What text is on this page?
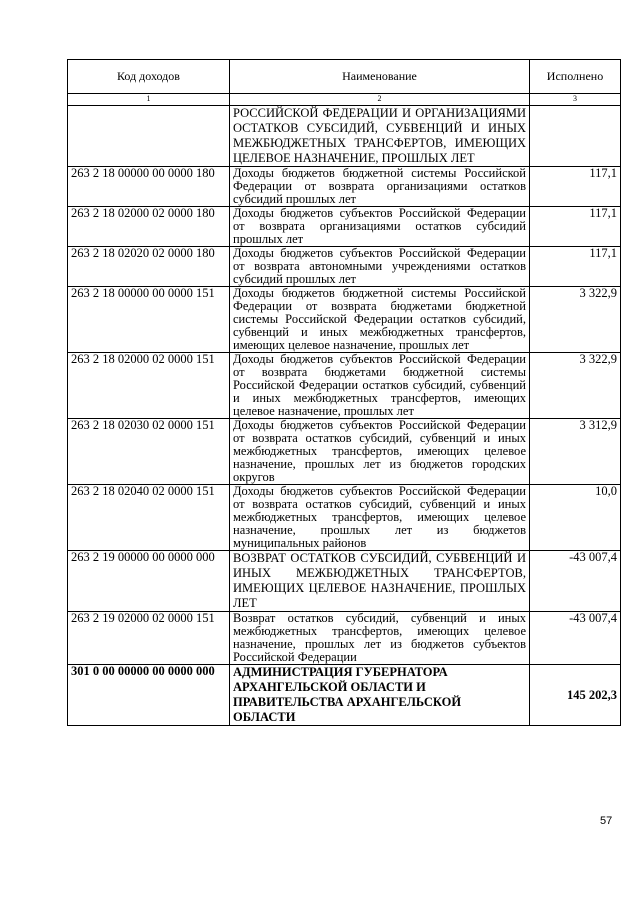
Код доходов	Наименование	Исполнено
1	2	3
	РОССИЙСКОЙ ФЕДЕРАЦИИ И ОРГАНИЗАЦИЯМИ ОСТАТКОВ СУБСИДИЙ, СУБВЕНЦИЙ И ИНЫХ МЕЖБЮДЖЕТНЫХ ТРАНСФЕРТОВ, ИМЕЮЩИХ ЦЕЛЕВОЕ НАЗНАЧЕНИЕ, ПРОШЛЫХ ЛЕТ	
263 2 18 00000 00 0000 180	Доходы бюджетов бюджетной системы Российской Федерации от возврата организациями остатков субсидий прошлых лет	117,1
263 2 18 02000 02 0000 180	Доходы бюджетов субъектов Российской Федерации от возврата организациями остатков субсидий прошлых лет	117,1
263 2 18 02020 02 0000 180	Доходы бюджетов субъектов Российской Федерации от возврата автономными учреждениями остатков субсидий прошлых лет	117,1
263 2 18 00000 00 0000 151	Доходы бюджетов бюджетной системы Российской Федерации от возврата бюджетами бюджетной системы Российской Федерации остатков субсидий, субвенций и иных межбюджетных трансфертов, имеющих целевое назначение, прошлых лет	3 322,9
263 2 18 02000 02 0000 151	Доходы бюджетов субъектов Российской Федерации от возврата бюджетами бюджетной системы Российской Федерации остатков субсидий, субвенций и иных межбюджетных трансфертов, имеющих целевое назначение, прошлых лет	3 322,9
263 2 18 02030 02 0000 151	Доходы бюджетов субъектов Российской Федерации от возврата остатков субсидий, субвенций и иных межбюджетных трансфертов, имеющих целевое назначение, прошлых лет из бюджетов городских округов	3 312,9
263 2 18 02040 02 0000 151	Доходы бюджетов субъектов Российской Федерации от возврата остатков субсидий, субвенций и иных межбюджетных трансфертов, имеющих целевое назначение, прошлых лет из бюджетов муниципальных районов	10,0
263 2 19 00000 00 0000 000	ВОЗВРАТ ОСТАТКОВ СУБСИДИЙ, СУБВЕНЦИЙ И ИНЫХ МЕЖБЮДЖЕТНЫХ ТРАНСФЕРТОВ, ИМЕЮЩИХ ЦЕЛЕВОЕ НАЗНАЧЕНИЕ, ПРОШЛЫХ ЛЕТ	-43 007,4
263 2 19 02000 02 0000 151	Возврат остатков субсидий, субвенций и иных межбюджетных трансфертов, имеющих целевое назначение, прошлых лет из бюджетов субъектов Российской Федерации	-43 007,4
301 0 00 00000 00 0000 000	АДМИНИСТРАЦИЯ ГУБЕРНАТОРА АРХАНГЕЛЬСКОЙ ОБЛАСТИ И ПРАВИТЕЛЬСТВА АРХАНГЕЛЬСКОЙ ОБЛАСТИ	145 202,3
57
